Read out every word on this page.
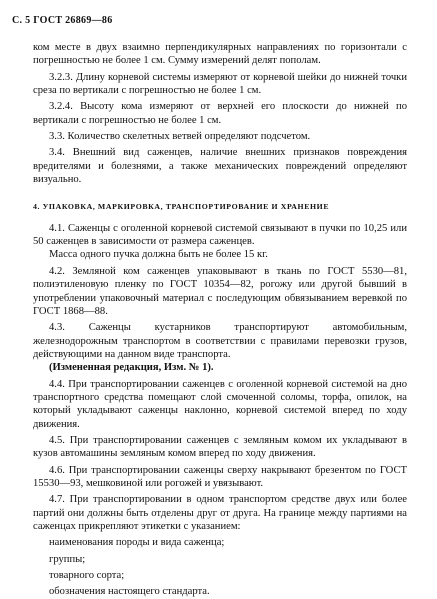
С. 5 ГОСТ 26869—86

ком месте в двух взаимно перпендикулярных направлениях по горизонтали с погрешностью не более 1 см. Сумму измерений делят пополам.

3.2.3. Длину корневой системы измеряют от корневой шейки до нижней точки среза по вертикали с погрешностью не более 1 см.

3.2.4. Высоту кома измеряют от верхней его плоскости до нижней по вертикали с погрешностью не более 1 см.

3.3. Количество скелетных ветвей определяют подсчетом.

3.4. Внешний вид саженцев, наличие внешних признаков повреждения вредителями и болезнями, а также механических повреждений определяют визуально.

4. УПАКОВКА, МАРКИРОВКА, ТРАНСПОРТИРОВАНИЕ И ХРАНЕНИЕ

4.1. Саженцы с оголенной корневой системой связывают в пучки по 10,25 или 50 саженцев в зависимости от размера саженцев.

Масса одного пучка должна быть не более 15 кг.

4.2. Земляной ком саженцев упаковывают в ткань по ГОСТ 5530—81, полиэтиленовую пленку по ГОСТ 10354—82, рогожу или другой бывший в употреблении упаковочный материал с последующим обвязыванием веревкой по ГОСТ 1868—88.

4.3. Саженцы кустарников транспортируют автомобильным, железнодорожным транспортом в соответствии с правилами перевозки грузов, действующими на данном виде транспорта.

(Измененная редакция, Изм. № 1).

4.4. При транспортировании саженцев с оголенной корневой системой на дно транспортного средства помещают слой смоченной соломы, торфа, опилок, на который укладывают саженцы наклонно, корневой системой вперед по ходу движения.

4.5. При транспортировании саженцев с земляным комом их укладывают в кузов автомашины земляным комом вперед по ходу движения.

4.6. При транспортировании саженцы сверху накрывают брезентом по ГОСТ 15530—93, мешковиной или рогожей и увязывают.

4.7. При транспортировании в одном транспортом средстве двух или более партий они должны быть отделены друг от друга. На границе между партиями на саженцах прикрепляют этикетки с указанием:

наименования породы и вида саженца;

группы;

товарного сорта;

обозначения настоящего стандарта.
